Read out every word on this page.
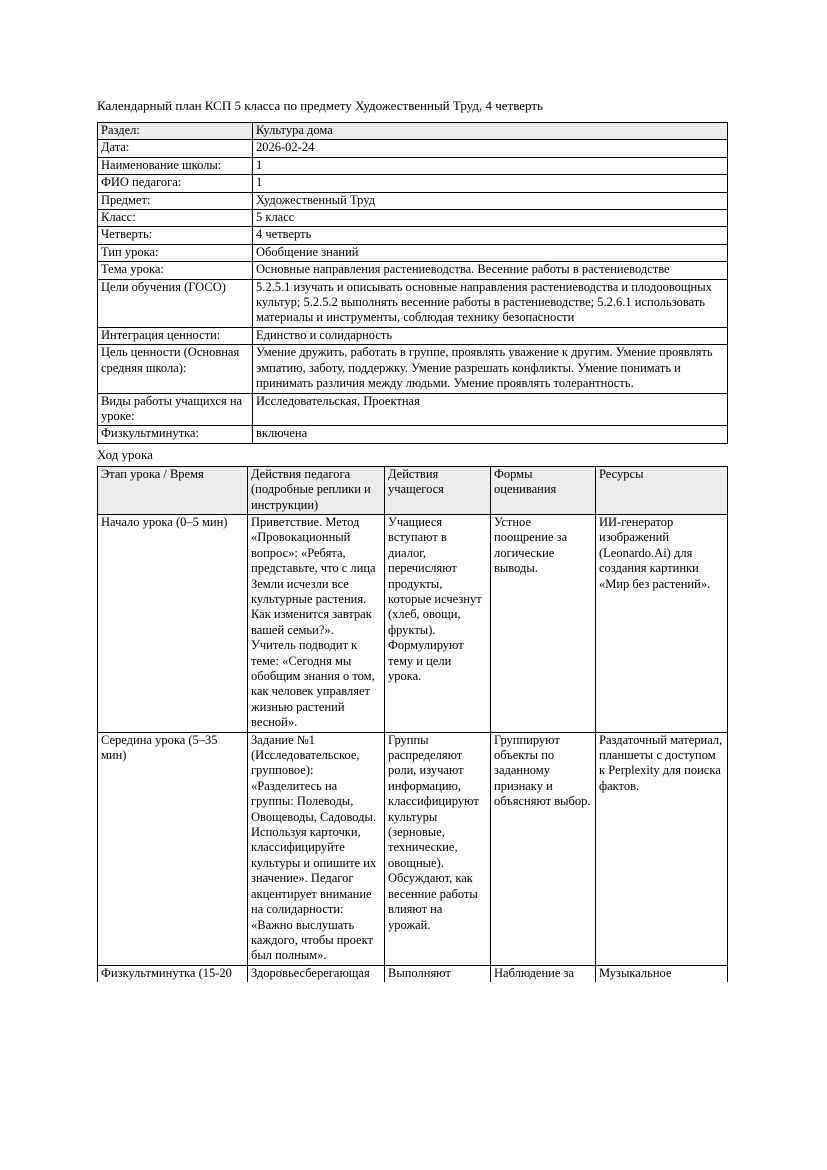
Календарный план КСП 5 класса по предмету Художественный Труд, 4 четверть

Раздел:	Культура дома
Дата:	2026-02-24
Наименование школы:	1
ФИО педагога:	1
Предмет:	Художественный Труд
Класс:	5 класс
Четверть:	4 четверть
Тип урока:	Обобщение знаний
Тема урока:	Основные направления растениеводства. Весенние работы в растениеводстве
Цели обучения (ГОСО)	5.2.5.1 изучать и описывать основные направления растениеводства и плодоовощных культур; 5.2.5.2 выполнять весенние работы в растениеводстве; 5.2.6.1 использовать материалы и инструменты, соблюдая технику безопасности
Интеграция ценности:	Единство и солидарность
Цель ценности (Основная средняя школа):	Умение дружить, работать в группе, проявлять уважение к другим. Умение проявлять эмпатию, заботу, поддержку. Умение разрешать конфликты. Умение понимать и принимать различия между людьми. Умение проявлять толерантность.
Виды работы учащихся на уроке:	Исследовательская, Проектная
Физкультминутка:	включена

Ход урока

Этап урока / Время	Действия педагога (подробные реплики и инструкции)	Действия учащегося	Формы оценивания	Ресурсы
Начало урока (0–5 мин)	Приветствие. Метод «Провокационный вопрос»: «Ребята, представьте, что с лица Земли исчезли все культурные растения. Как изменится завтрак вашей семьи?». Учитель подводит к теме: «Сегодня мы обобщим знания о том, как человек управляет жизнью растений весной».	Учащиеся вступают в диалог, перечисляют продукты, которые исчезнут (хлеб, овощи, фрукты). Формулируют тему и цели урока.	Устное поощрение за логические выводы.	ИИ-генератор изображений (Leonardo.Ai) для создания картинки «Мир без растений».
Середина урока (5–35 мин)	Задание №1 (Исследовательское, групповое): «Разделитесь на группы: Полеводы, Овощеводы, Садоводы. Используя карточки, классифицируйте культуры и опишите их значение». Педагог акцентирует внимание на солидарности: «Важно выслушать каждого, чтобы проект был полным».	Группы распределяют роли, изучают информацию, классифицируют культуры (зерновые, технические, овощные). Обсуждают, как весенние работы влияют на урожай.	Группируют объекты по заданному признаку и объясняют выбор.	Раздаточный материал, планшеты с доступом к Perplexity для поиска фактов.
Физкультминутка (15-20	Здоровьесберегающая	Выполняют	Наблюдение за	Музыкальное
